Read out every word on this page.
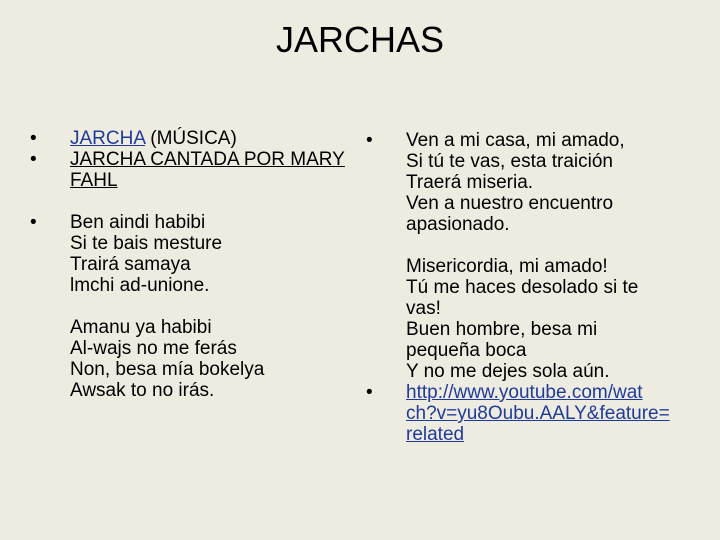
JARCHAS
• JARCHA (MÚSICA)
• JARCHA CANTADA POR MARY
FAHL
• Ben aindi habibi
Si te bais mesture
Trairá samaya
lmchi ad-unione.
Amanu ya habibi
Al-wajs no me ferás
Non, besa mía bokelya
Awsak to no irás.
• Ven a mi casa, mi amado,
Si tú te vas, esta traición
Traerá miseria.
Ven a nuestro encuentro
apasionado.
Misericordia, mi amado!
Tú me haces desolado si te
vas!
Buen hombre, besa mi
pequeña boca
Y no me dejes sola aún.
• http://www.youtube.com/wat
ch?v=yu8Oubu.AALY&feature=
related
